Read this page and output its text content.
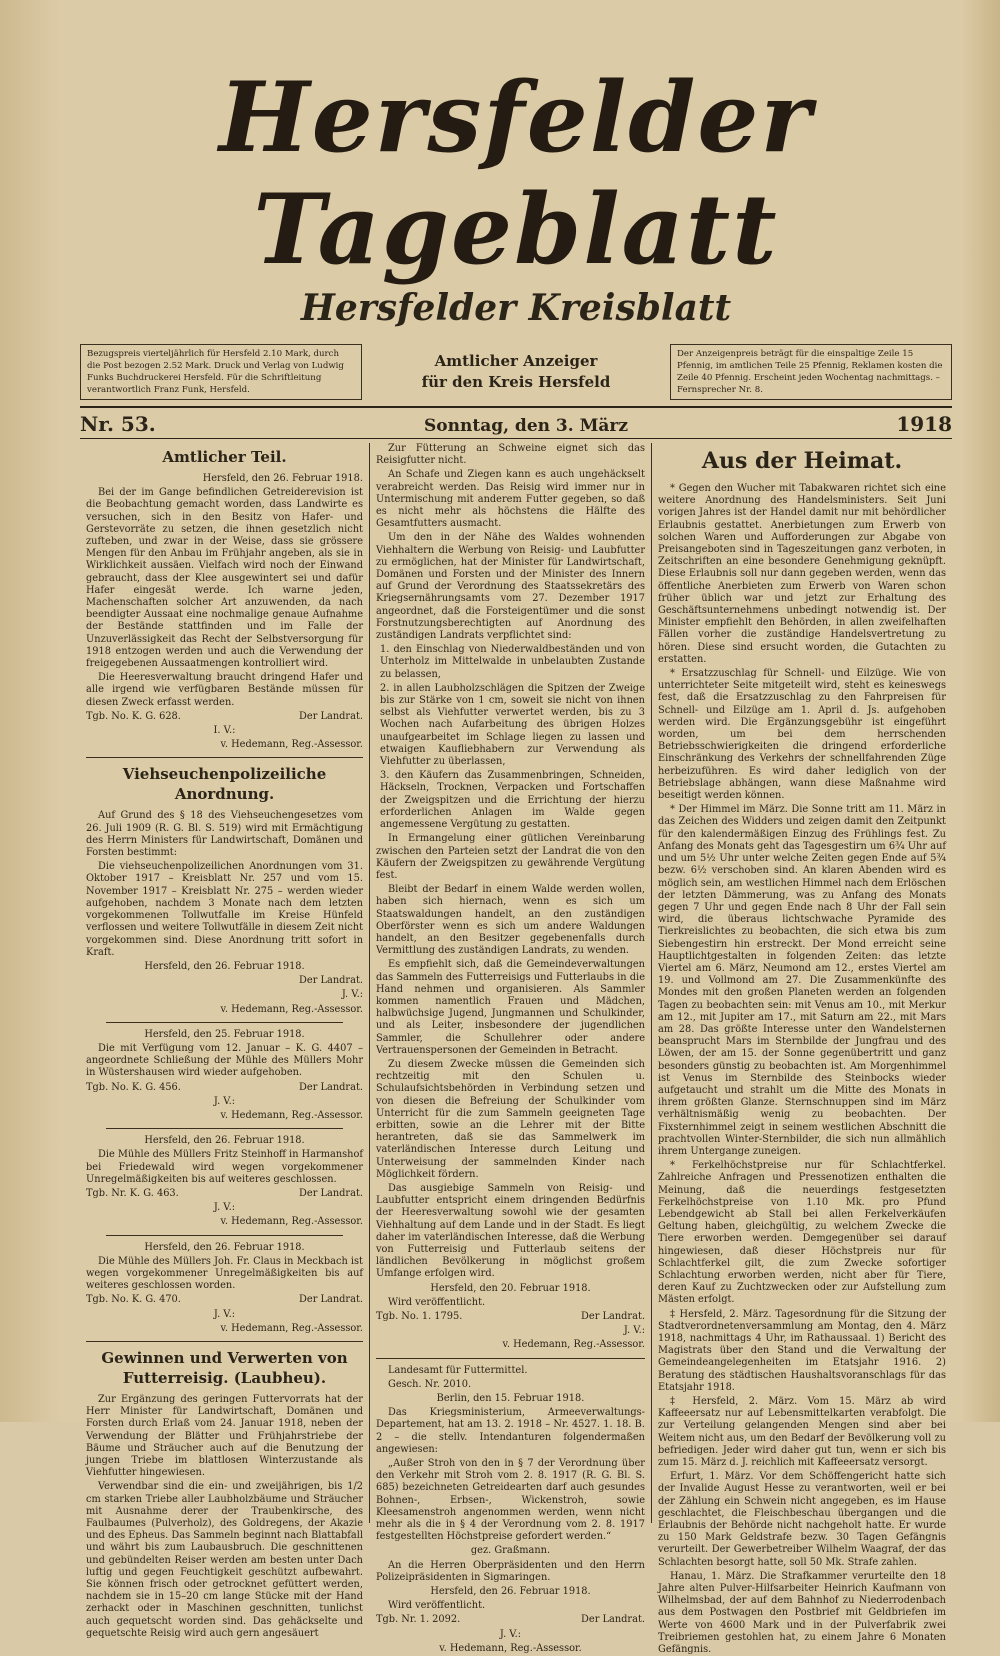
Hersfelder Tageblatt
Hersfelder Kreisblatt
Bezugspreis vierteljährlich für Hersfeld 2.10 Mark, durch die Post bezogen 2.52 Mark. Druck und Verlag von Ludwig Funks Buchdruckerei Hersfeld. Für die Schriftleitung verantwortlich Franz Funk, Hersfeld.
Amtlicher Anzeiger
für den Kreis Hersfeld
Der Anzeigenpreis beträgt für die einspaltige Zeile 15 Pfennig, im amtlichen Teile 25 Pfennig, Reklamen kosten die Zeile 40 Pfennig. Erscheint jeden Wochentag nachmittags. – Fernsprecher Nr. 8.
Nr. 53.	Sonntag, den 3. März	1918
Amtlicher Teil.

Hersfeld, den 26. Februar 1918.

Bei der im Gange befindlichen Getreiderevision ist die Beobachtung gemacht worden, dass Landwirte es versuchen, sich in den Besitz von Hafer- und Gerstevorräte zu setzen, die ihnen gesetzlich nicht zufteben, und zwar in der Weise, dass sie grössere Mengen für den Anbau im Frühjahr angeben, als sie in Wirklichkeit aussäen. Vielfach wird noch der Einwand gebraucht, dass der Klee ausgewintert sei und dafür Hafer eingesät werde. Ich warne jeden, Machenschaften solcher Art anzuwenden, da nach beendigter Aussaat eine nochmalige genaue Aufnahme der Bestände stattfinden und im Falle der Unzuverlässigkeit das Recht der Selbstversorgung für 1918 entzogen werden und auch die Verwendung der freigegebenen Aussaatmengen kontrolliert wird.

Die Heeresverwaltung braucht dringend Hafer und alle irgend wie verfügbaren Bestände müssen für diesen Zweck erfasst werden.

Tgb. No. K. G. 628.	Der Landrat.

I. V.:

v. Hedemann, Reg.-Assessor.

Viehseuchenpolizeiliche Anordnung.

Auf Grund des § 18 des Viehseuchengesetzes vom 26. Juli 1909 (R. G. Bl. S. 519) wird mit Ermächtigung des Herrn Ministers für Landwirtschaft, Domänen und Forsten bestimmt:

Die viehseuchenpolizeilichen Anordnungen vom 31. Oktober 1917 – Kreisblatt Nr. 257 und vom 15. November 1917 – Kreisblatt Nr. 275 – werden wieder aufgehoben, nachdem 3 Monate nach dem letzten vorgekommenen Tollwutfalle im Kreise Hünfeld verflossen und weitere Tollwutfälle in diesem Zeit nicht vorgekommen sind. Diese Anordnung tritt sofort in Kraft.

Hersfeld, den 26. Februar 1918.

Der Landrat.

J. V.:

v. Hedemann, Reg.-Assessor.

Hersfeld, den 25. Februar 1918.

Die mit Verfügung vom 12. Januar – K. G. 4407 – angeordnete Schließung der Mühle des Müllers Mohr in Wüstershausen wird wieder aufgehoben.

Tgb. No. K. G. 456.	Der Landrat.

J. V.:

v. Hedemann, Reg.-Assessor.

Hersfeld, den 26. Februar 1918.

Die Mühle des Müllers Fritz Steinhoff in Harmanshof bei Friedewald wird wegen vorgekommener Unregelmäßigkeiten bis auf weiteres geschlossen.

Tgb. Nr. K. G. 463.	Der Landrat.

J. V.:

v. Hedemann, Reg.-Assessor.

Hersfeld, den 26. Februar 1918.

Die Mühle des Müllers Joh. Fr. Claus in Meckbach ist wegen vorgekommener Unregelmäßigkeiten bis auf weiteres geschlossen worden.

Tgb. No. K. G. 470.	Der Landrat.

J. V.:

v. Hedemann, Reg.-Assessor.

Gewinnen und Verwerten von Futterreisig. (Laubheu).

Zur Ergänzung des geringen Futtervorrats hat der Herr Minister für Landwirtschaft, Domänen und Forsten durch Erlaß vom 24. Januar 1918, neben der Verwendung der Blätter und Frühjahrstriebe der Bäume und Sträucher auch auf die Benutzung der jungen Triebe im blattlosen Winterzustande als Viehfutter hingewiesen.

Verwendbar sind die ein- und zweijährigen, bis 1/2 cm starken Triebe aller Laubholzbäume und Sträucher mit Ausnahme derer der Traubenkirsche, des Faulbaumes (Pulverholz), des Goldregens, der Akazie und des Epheus. Das Sammeln beginnt nach Blattabfall und währt bis zum Laubausbruch. Die geschnittenen und gebündelten Reiser werden am besten unter Dach luftig und gegen Feuchtigkeit geschützt aufbewahrt. Sie können frisch oder getrocknet gefüttert werden, nachdem sie in 15–20 cm lange Stücke mit der Hand zerhackt oder in Maschinen geschnitten, tunlichst auch gequetscht worden sind. Das gehäckselte und gequetschte Reisig wird auch gern angesäuert

Zur Fütterung an Schweine eignet sich das Reisigfutter nicht.

An Schafe und Ziegen kann es auch ungehäckselt verabreicht werden. Das Reisig wird immer nur in Untermischung mit anderem Futter gegeben, so daß es nicht mehr als höchstens die Hälfte des Gesamtfutters ausmacht.

Um den in der Nähe des Waldes wohnenden Viehhaltern die Werbung von Reisig- und Laubfutter zu ermöglichen, hat der Minister für Landwirtschaft, Domänen und Forsten und der Minister des Innern auf Grund der Verordnung des Staatssekretärs des Kriegsernährungsamts vom 27. Dezember 1917 angeordnet, daß die Forsteigentümer und die sonst Forstnutzungsberechtigten auf Anordnung des zuständigen Landrats verpflichtet sind:

1. den Einschlag von Niederwaldbeständen und von Unterholz im Mittelwalde in unbelaubten Zustande zu belassen,

2. in allen Laubholzschlägen die Spitzen der Zweige bis zur Stärke von 1 cm, soweit sie nicht von ihnen selbst als Viehfutter verwertet werden, bis zu 3 Wochen nach Aufarbeitung des übrigen Holzes unaufgearbeitet im Schlage liegen zu lassen und etwaigen Kaufliebhabern zur Verwendung als Viehfutter zu überlassen,

3. den Käufern das Zusammenbringen, Schneiden, Häckseln, Trocknen, Verpacken und Fortschaffen der Zweigspitzen und die Errichtung der hierzu erforderlichen Anlagen im Walde gegen angemessene Vergütung zu gestatten.

In Ermangelung einer gütlichen Vereinbarung zwischen den Parteien setzt der Landrat die von den Käufern der Zweigspitzen zu gewährende Vergütung fest.

Bleibt der Bedarf in einem Walde werden wollen, haben sich hiernach, wenn es sich um Staatswaldungen handelt, an den zuständigen Oberförster wenn es sich um andere Waldungen handelt, an den Besitzer gegebenenfalls durch Vermittlung des zuständigen Landrats, zu wenden.

Es empfiehlt sich, daß die Gemeindeverwaltungen das Sammeln des Futterreisigs und Futterlaubs in die Hand nehmen und organisieren. Als Sammler kommen namentlich Frauen und Mädchen, halbwüchsige Jugend, Jungmannen und Schulkinder, und als Leiter, insbesondere der jugendlichen Sammler, die Schullehrer oder andere Vertrauenspersonen der Gemeinden in Betracht.

Zu diesem Zwecke müssen die Gemeinden sich rechtzeitig mit den Schulen u. Schulaufsichtsbehörden in Verbindung setzen und von diesen die Befreiung der Schulkinder vom Unterricht für die zum Sammeln geeigneten Tage erbitten, sowie an die Lehrer mit der Bitte herantreten, daß sie das Sammelwerk im vaterländischen Interesse durch Leitung und Unterweisung der sammelnden Kinder nach Möglichkeit fördern.

Das ausgiebige Sammeln von Reisig- und Laubfutter entspricht einem dringenden Bedürfnis der Heeresverwaltung sowohl wie der gesamten Viehhaltung auf dem Lande und in der Stadt. Es liegt daher im vaterländischen Interesse, daß die Werbung von Futterreisig und Futterlaub seitens der ländlichen Bevölkerung in möglichst großem Umfange erfolgen wird.

Hersfeld, den 20. Februar 1918.

Wird veröffentlicht.

Tgb. No. 1. 1795.	Der Landrat.

J. V.:

v. Hedemann, Reg.-Assessor.

Landesamt für Futtermittel.

Gesch. Nr. 2010.

Berlin, den 15. Februar 1918.

Das Kriegsministerium, Armeeverwaltungs-Departement, hat am 13. 2. 1918 – Nr. 4527. 1. 18. B. 2 – die stellv. Intendanturen folgendermaßen angewiesen:

„Außer Stroh von den in § 7 der Verordnung über den Verkehr mit Stroh vom 2. 8. 1917 (R. G. Bl. S. 685) bezeichneten Getreidearten darf auch gesundes Bohnen-, Erbsen-, Wickenstroh, sowie Kleesamenstroh angenommen werden, wenn nicht mehr als die in § 4 der Verordnung vom 2. 8. 1917 festgestellten Höchstpreise gefordert werden.“

gez. Graßmann.

An die Herren Oberpräsidenten und den Herrn Polizeipräsidenten in Sigmaringen.

Hersfeld, den 26. Februar 1918.

Wird veröffentlicht.

Tgb. Nr. 1. 2092.	Der Landrat.

J. V.:

v. Hedemann, Reg.-Assessor.

Aus der Heimat.

* Gegen den Wucher mit Tabakwaren richtet sich eine weitere Anordnung des Handelsministers. Seit Juni vorigen Jahres ist der Handel damit nur mit behördlicher Erlaubnis gestattet. Anerbietungen zum Erwerb von solchen Waren und Aufforderungen zur Abgabe von Preisangeboten sind in Tageszeitungen ganz verboten, in Zeitschriften an eine besondere Genehmigung geknüpft. Diese Erlaubnis soll nur dann gegeben werden, wenn das öffentliche Anerbieten zum Erwerb von Waren schon früher üblich war und jetzt zur Erhaltung des Geschäftsunternehmens unbedingt notwendig ist. Der Minister empfiehlt den Behörden, in allen zweifelhaften Fällen vorher die zuständige Handelsvertretung zu hören. Diese sind ersucht worden, die Gutachten zu erstatten.

* Ersatzzuschlag für Schnell- und Eilzüge. Wie von unterrichteter Seite mitgeteilt wird, steht es keineswegs fest, daß die Ersatzzuschlag zu den Fahrpreisen für Schnell- und Eilzüge am 1. April d. Js. aufgehoben werden wird. Die Ergänzungsgebühr ist eingeführt worden, um bei dem herrschenden Betriebsschwierigkeiten die dringend erforderliche Einschränkung des Verkehrs der schnellfahrenden Züge herbeizuführen. Es wird daher lediglich von der Betriebslage abhängen, wann diese Maßnahme wird beseitigt werden können.

* Der Himmel im März. Die Sonne tritt am 11. März in das Zeichen des Widders und zeigen damit den Zeitpunkt für den kalendermäßigen Einzug des Frühlings fest. Zu Anfang des Monats geht das Tagesgestirn um 6¾ Uhr auf und um 5½ Uhr unter welche Zeiten gegen Ende auf 5¾ bezw. 6½ verschoben sind. An klaren Abenden wird es möglich sein, am westlichen Himmel nach dem Erlöschen der letzten Dämmerung, was zu Anfang des Monats gegen 7 Uhr und gegen Ende nach 8 Uhr der Fall sein wird, die überaus lichtschwache Pyramide des Tierkreislichtes zu beobachten, die sich etwa bis zum Siebengestirn hin erstreckt. Der Mond erreicht seine Hauptlichtgestalten in folgenden Zeiten: das letzte Viertel am 6. März, Neumond am 12., erstes Viertel am 19. und Vollmond am 27. Die Zusammenkünfte des Mondes mit den großen Planeten werden an folgenden Tagen zu beobachten sein: mit Venus am 10., mit Merkur am 12., mit Jupiter am 17., mit Saturn am 22., mit Mars am 28. Das größte Interesse unter den Wandelsternen beansprucht Mars im Sternbilde der Jungfrau und des Löwen, der am 15. der Sonne gegenübertritt und ganz besonders günstig zu beobachten ist. Am Morgenhimmel ist Venus im Sternbilde des Steinbocks wieder aufgetaucht und strahlt um die Mitte des Monats in ihrem größten Glanze. Sternschnuppen sind im März verhältnismäßig wenig zu beobachten. Der Fixsternhimmel zeigt in seinem westlichen Abschnitt die prachtvollen Winter-Sternbilder, die sich nun allmählich ihrem Untergange zuneigen.

* Ferkelhöchstpreise nur für Schlachtferkel. Zahlreiche Anfragen und Pressenotizen enthalten die Meinung, daß die neuerdings festgesetzten Ferkelhöchstpreise von 1.10 Mk. pro Pfund Lebendgewicht ab Stall bei allen Ferkelverkäufen Geltung haben, gleichgültig, zu welchem Zwecke die Tiere erworben werden. Demgegenüber sei darauf hingewiesen, daß dieser Höchstpreis nur für Schlachtferkel gilt, die zum Zwecke sofortiger Schlachtung erworben werden, nicht aber für Tiere, deren Kauf zu Zuchtzwecken oder zur Aufstellung zum Mästen erfolgt.

‡ Hersfeld, 2. März. Tagesordnung für die Sitzung der Stadtverordnetenversammlung am Montag, den 4. März 1918, nachmittags 4 Uhr, im Rathaussaal. 1) Bericht des Magistrats über den Stand und die Verwaltung der Gemeindeangelegenheiten im Etatsjahr 1916. 2) Beratung des städtischen Haushaltsvoranschlags für das Etatsjahr 1918.

‡ Hersfeld, 2. März. Vom 15. März ab wird Kaffeeersatz nur auf Lebensmittelkarten verabfolgt. Die zur Verteilung gelangenden Mengen sind aber bei Weitem nicht aus, um den Bedarf der Bevölkerung voll zu befriedigen. Jeder wird daher gut tun, wenn er sich bis zum 15. März d. J. reichlich mit Kaffeeersatz versorgt.

Erfurt, 1. März. Vor dem Schöffengericht hatte sich der Invalide August Hesse zu verantworten, weil er bei der Zählung ein Schwein nicht angegeben, es im Hause geschlachtet, die Fleischbeschau übergangen und die Erlaubnis der Behörde nicht nachgeholt hatte. Er wurde zu 150 Mark Geldstrafe bezw. 30 Tagen Gefängnis verurteilt. Der Gewerbetreiber Wilhelm Waagraf, der das Schlachten besorgt hatte, soll 50 Mk. Strafe zahlen.

Hanau, 1. März. Die Strafkammer verurteilte den 18 Jahre alten Pulver-Hilfsarbeiter Heinrich Kaufmann von Wilhelmsbad, der auf dem Bahnhof zu Niederrodenbach aus dem Postwagen den Postbrief mit Geldbriefen im Werte von 4600 Mark und in der Pulverfabrik zwei Treibriemen gestohlen hat, zu einem Jahre 6 Monaten Gefängnis.
